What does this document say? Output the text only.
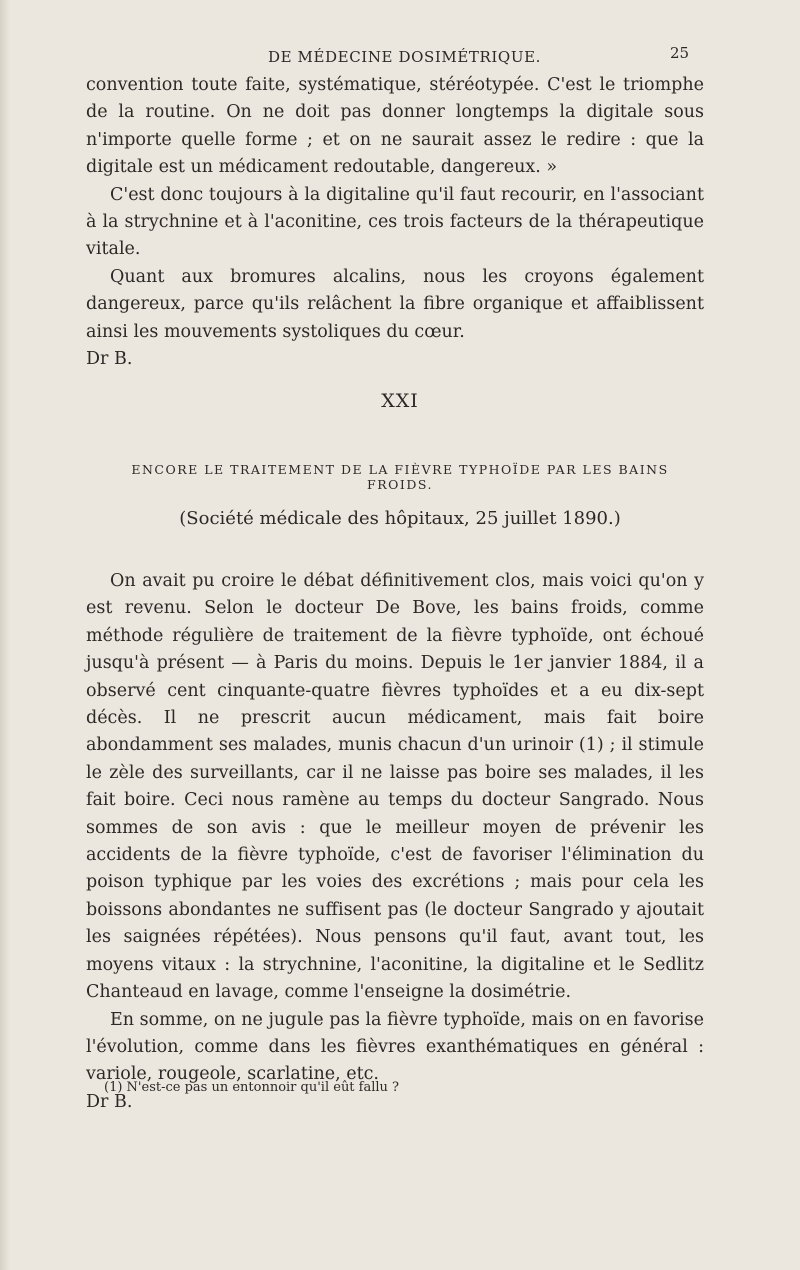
DE MÉDECINE DOSIMÉTRIQUE.	25

convention toute faite, systématique, stéréotypée. C'est le triomphe de la routine. On ne doit pas donner longtemps la digitale sous n'importe quelle forme ; et on ne saurait assez le redire : que la digitale est un médicament redoutable, dangereux. »

C'est donc toujours à la digitaline qu'il faut recourir, en l'associant à la strychnine et à l'aconitine, ces trois facteurs de la thérapeutique vitale.

Quant aux bromures alcalins, nous les croyons également dangereux, parce qu'ils relâchent la fibre organique et affaiblissent ainsi les mouvements systoliques du cœur.

Dr B.

XXI
ENCORE LE TRAITEMENT DE LA FIÈVRE TYPHOÏDE PAR LES BAINS FROIDS.
(Société médicale des hôpitaux, 25 juillet 1890.)

On avait pu croire le débat définitivement clos, mais voici qu'on y est revenu. Selon le docteur De Bove, les bains froids, comme méthode régulière de traitement de la fièvre typhoïde, ont échoué jusqu'à présent — à Paris du moins. Depuis le 1er janvier 1884, il a observé cent cinquante-quatre fièvres typhoïdes et a eu dix-sept décès. Il ne prescrit aucun médicament, mais fait boire abondamment ses malades, munis chacun d'un urinoir (1) ; il stimule le zèle des surveillants, car il ne laisse pas boire ses malades, il les fait boire. Ceci nous ramène au temps du docteur Sangrado. Nous sommes de son avis : que le meilleur moyen de prévenir les accidents de la fièvre typhoïde, c'est de favoriser l'élimination du poison typhique par les voies des excrétions ; mais pour cela les boissons abondantes ne suffisent pas (le docteur Sangrado y ajoutait les saignées répétées). Nous pensons qu'il faut, avant tout, les moyens vitaux : la strychnine, l'aconitine, la digitaline et le Sedlitz Chanteaud en lavage, comme l'enseigne la dosimétrie.

En somme, on ne jugule pas la fièvre typhoïde, mais on en favorise l'évolution, comme dans les fièvres exanthématiques en général : variole, rougeole, scarlatine, etc.

Dr B.

(1) N'est-ce pas un entonnoir qu'il eût fallu ?
